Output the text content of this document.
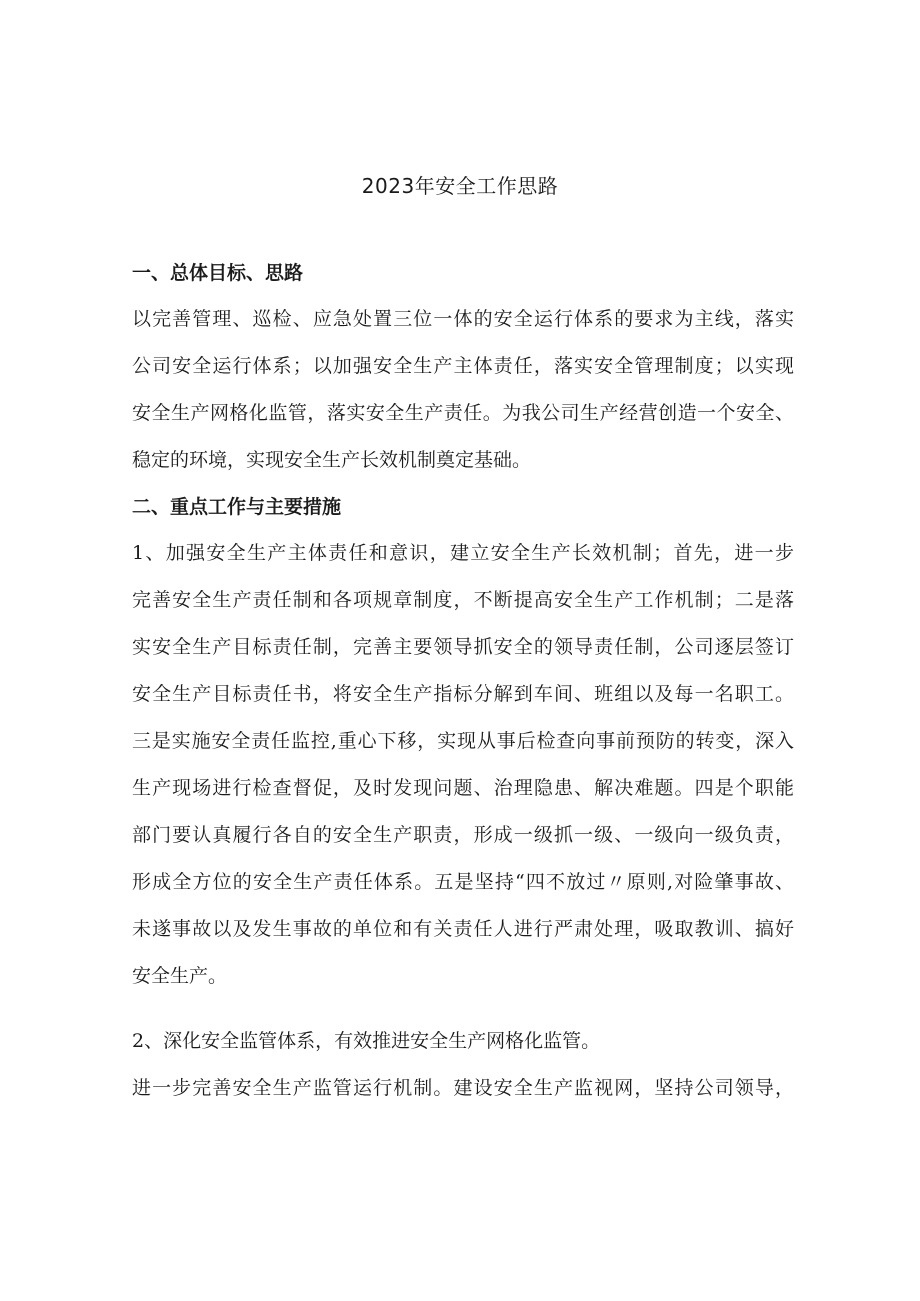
2023年安全工作思路
一、总体目标、思路
以完善管理、巡检、应急处置三位一体的安全运行体系的要求为主线，落实
公司安全运行体系；以加强安全生产主体责任，落实安全管理制度；以实现
安全生产网格化监管，落实安全生产责任。为我公司生产经营创造一个安全、
稳定的环境，实现安全生产长效机制奠定基础。
二、重点工作与主要措施
1、加强安全生产主体责任和意识，建立安全生产长效机制；首先，进一步
完善安全生产责任制和各项规章制度，不断提高安全生产工作机制；二是落
实安全生产目标责任制，完善主要领导抓安全的领导责任制，公司逐层签订
安全生产目标责任书，将安全生产指标分解到车间、班组以及每一名职工。
三是实施安全责任监控,重心下移，实现从事后检查向事前预防的转变，深入
生产现场进行检查督促，及时发现问题、治理隐患、解决难题。四是个职能
部门要认真履行各自的安全生产职责，形成一级抓一级、一级向一级负责，
形成全方位的安全生产责任体系。五是坚持“四不放过〃原则,对险肇事故、
未遂事故以及发生事故的单位和有关责任人进行严肃处理，吸取教训、搞好
安全生产。
2、深化安全监管体系，有效推进安全生产网格化监管。
进一步完善安全生产监管运行机制。建设安全生产监视网，坚持公司领导，
